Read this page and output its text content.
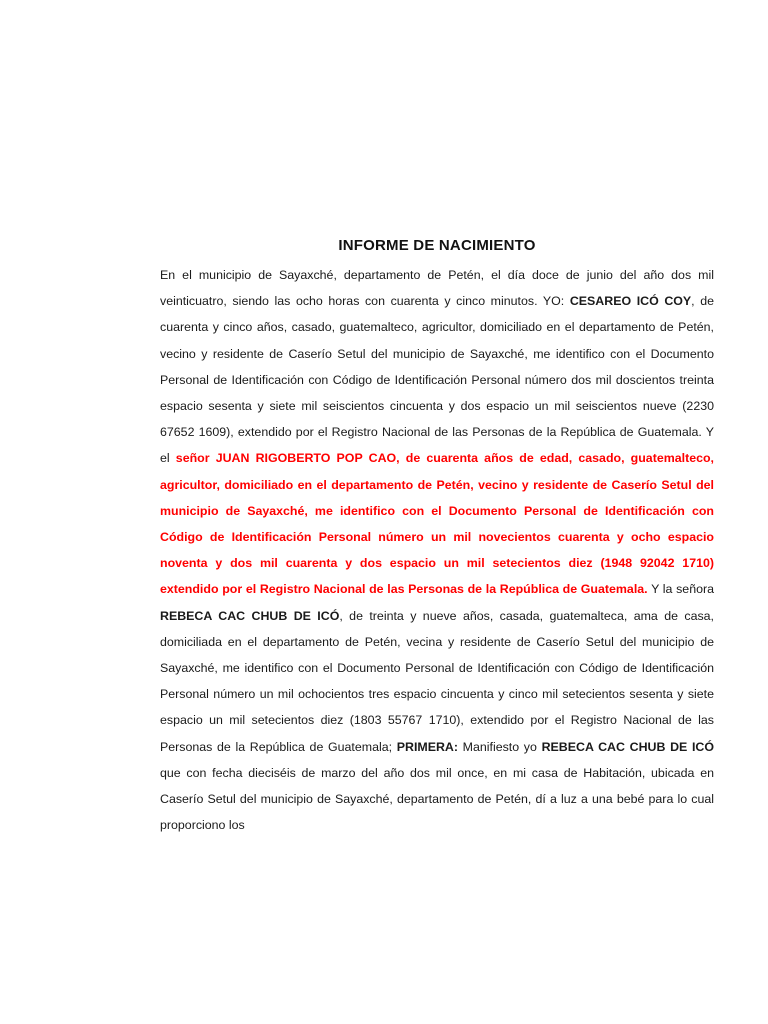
INFORME DE NACIMIENTO

En el municipio de Sayaxché, departamento de Petén, el día doce de junio del año dos mil veinticuatro, siendo las ocho horas con cuarenta y cinco minutos. YO: CESAREO ICÓ COY, de cuarenta y cinco años, casado, guatemalteco, agricultor, domiciliado en el departamento de Petén, vecino y residente de Caserío Setul del municipio de Sayaxché, me identifico con el Documento Personal de Identificación con Código de Identificación Personal número dos mil doscientos treinta espacio sesenta y siete mil seiscientos cincuenta y dos espacio un mil seiscientos nueve (2230 67652 1609), extendido por el Registro Nacional de las Personas de la República de Guatemala. Y el señor JUAN RIGOBERTO POP CAO, de cuarenta años de edad, casado, guatemalteco, agricultor, domiciliado en el departamento de Petén, vecino y residente de Caserío Setul del municipio de Sayaxché, me identifico con el Documento Personal de Identificación con Código de Identificación Personal número un mil novecientos cuarenta y ocho espacio noventa y dos mil cuarenta y dos espacio un mil setecientos diez (1948 92042 1710) extendido por el Registro Nacional de las Personas de la República de Guatemala. Y la señora REBECA CAC CHUB DE ICÓ, de treinta y nueve años, casada, guatemalteca, ama de casa, domiciliada en el departamento de Petén, vecina y residente de Caserío Setul del municipio de Sayaxché, me identifico con el Documento Personal de Identificación con Código de Identificación Personal número un mil ochocientos tres espacio cincuenta y cinco mil setecientos sesenta y siete espacio un mil setecientos diez (1803 55767 1710), extendido por el Registro Nacional de las Personas de la República de Guatemala; PRIMERA: Manifiesto yo REBECA CAC CHUB DE ICÓ que con fecha dieciséis de marzo del año dos mil once, en mi casa de Habitación, ubicada en Caserío Setul del municipio de Sayaxché, departamento de Petén, dí a luz a una bebé para lo cual proporciono los
